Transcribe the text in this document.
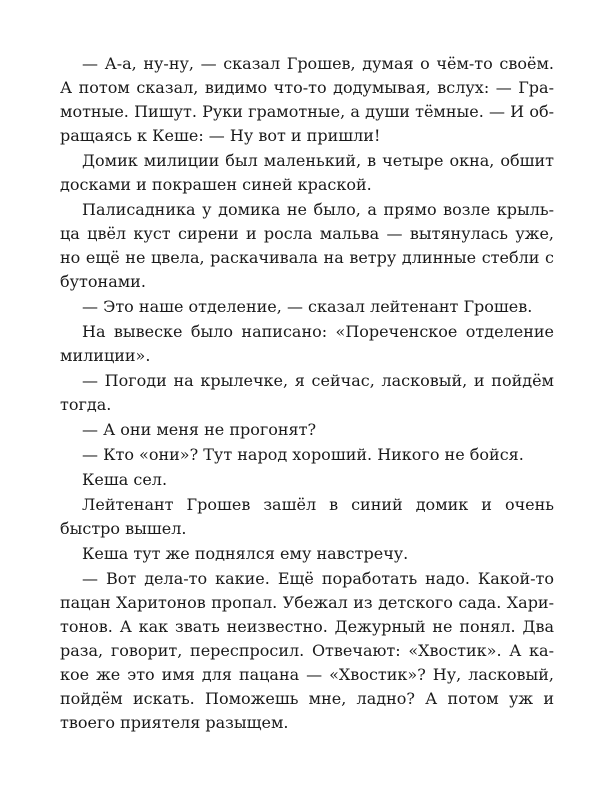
— А-а, ну-ну, — сказал Грошев, думая о чём-то своём. А потом сказал, видимо что-то додумывая, вслух: — Грамотные. Пишут. Руки грамотные, а души тёмные. — И обращаясь к Кеше: — Ну вот и пришли!

Домик милиции был маленький, в четыре окна, обшит досками и покрашен синей краской.

Палисадника у домика не было, а прямо возле крыльца цвёл куст сирени и росла мальва — вытянулась уже, но ещё не цвела, раскачивала на ветру длинные стебли с бутонами.

— Это наше отделение, — сказал лейтенант Грошев.

На вывеске было написано: «Пореченское отделение милиции».

— Погоди на крылечке, я сейчас, ласковый, и пойдём тогда.

— А они меня не прогонят?

— Кто «они»? Тут народ хороший. Никого не бойся.

Кеша сел.

Лейтенант Грошев зашёл в синий домик и очень быстро вышел.

Кеша тут же поднялся ему навстречу.

— Вот дела-то какие. Ещё поработать надо. Какой-то пацан Харитонов пропал. Убежал из детского сада. Харитонов. А как звать неизвестно. Дежурный не понял. Два раза, говорит, переспросил. Отвечают: «Хвостик». А какое же это имя для пацана — «Хвостик»? Ну, ласковый, пойдём искать. Поможешь мне, ладно? А потом уж и твоего приятеля разыщем.
